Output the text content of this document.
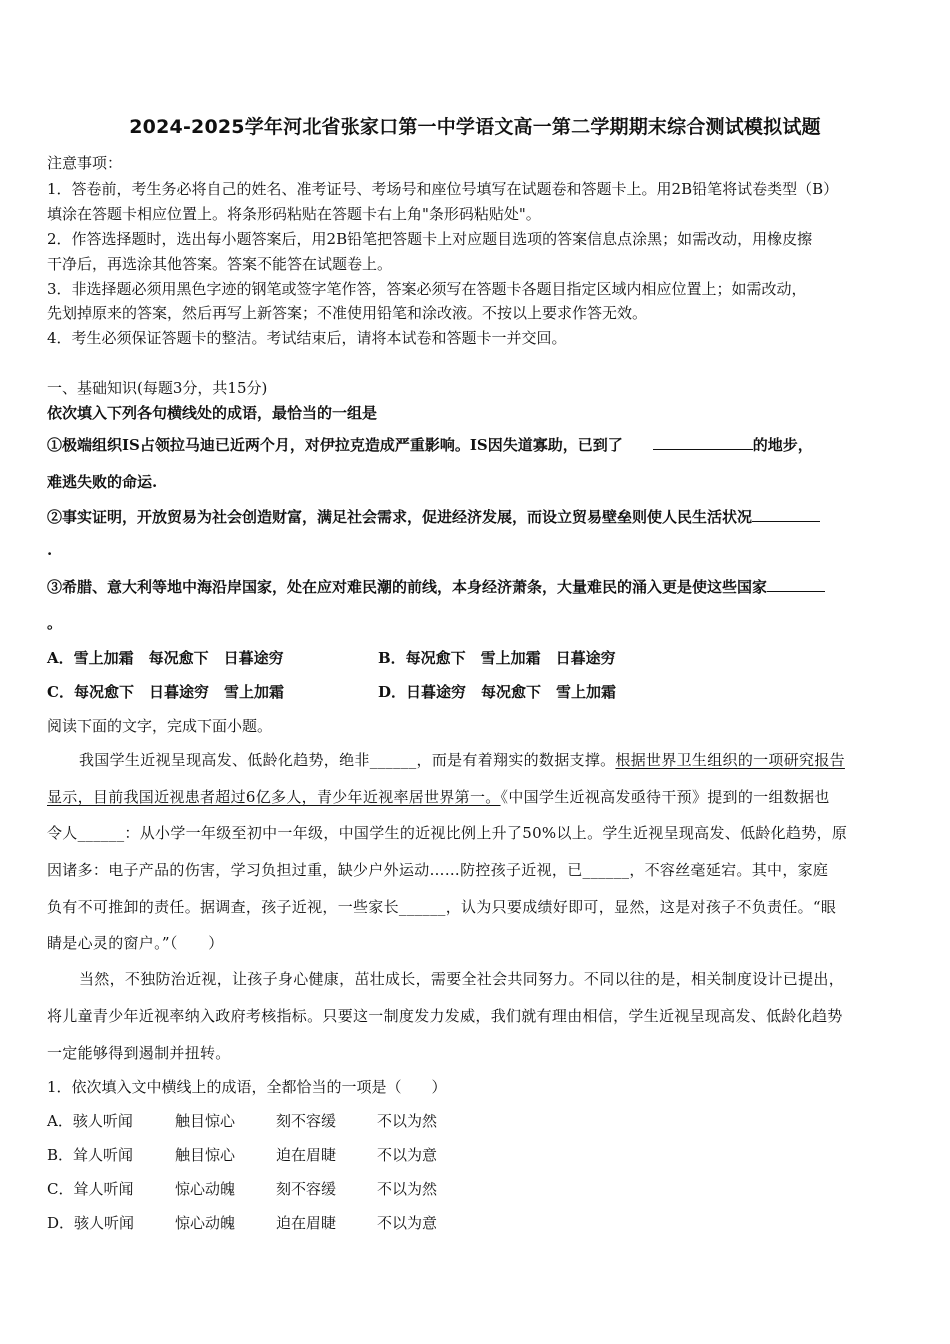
2024-2025学年河北省张家口第一中学语文高一第二学期期末综合测试模拟试题
注意事项：
1．答卷前，考生务必将自己的姓名、准考证号、考场号和座位号填写在试题卷和答题卡上。用2B铅笔将试卷类型（B）
填涂在答题卡相应位置上。将条形码粘贴在答题卡右上角"条形码粘贴处"。
2．作答选择题时，选出每小题答案后，用2B铅笔把答题卡上对应题目选项的答案信息点涂黑；如需改动，用橡皮擦
干净后，再选涂其他答案。答案不能答在试题卷上。
3．非选择题必须用黑色字迹的钢笔或签字笔作答，答案必须写在答题卡各题目指定区域内相应位置上；如需改动，
先划掉原来的答案，然后再写上新答案；不准使用铅笔和涂改液。不按以上要求作答无效。
4．考生必须保证答题卡的整洁。考试结束后，请将本试卷和答题卡一并交回。
一、基础知识(每题3分，共15分)
依次填入下列各句横线处的成语，最恰当的一组是
①极端组织IS占领拉马迪已近两个月，对伊拉克造成严重影响。IS因失道寡助，已到了	的地步，
难逃失败的命运.
②事实证明，开放贸易为社会创造财富，满足社会需求，促进经济发展，而设立贸易壁垒则使人民生活状况
.
③希腊、意大利等地中海沿岸国家，处在应对难民潮的前线，本身经济萧条，大量难民的涌入更是使这些国家
。
A．雪上加霜　每况愈下　日暮途穷	B．每况愈下　雪上加霜　日暮途穷
C．每况愈下　日暮途穷　雪上加霜	D．日暮途穷　每况愈下　雪上加霜
阅读下面的文字，完成下面小题。
我国学生近视呈现高发、低龄化趋势，绝非______，而是有着翔实的数据支撑。根据世界卫生组织的一项研究报告
显示，目前我国近视患者超过6亿多人，青少年近视率居世界第一。《中国学生近视高发亟待干预》提到的一组数据也
令人______：从小学一年级至初中一年级，中国学生的近视比例上升了50%以上。学生近视呈现高发、低龄化趋势，原
因诸多：电子产品的伤害，学习负担过重，缺少户外运动……防控孩子近视，已______，不容丝毫延宕。其中，家庭
负有不可推卸的责任。据调查，孩子近视，一些家长______，认为只要成绩好即可，显然，这是对孩子不负责任。“眼
睛是心灵的窗户。”（　　）
当然，不独防治近视，让孩子身心健康，茁壮成长，需要全社会共同努力。不同以往的是，相关制度设计已提出，
将儿童青少年近视率纳入政府考核指标。只要这一制度发力发威，我们就有理由相信，学生近视呈现高发、低龄化趋势
一定能够得到遏制并扭转。
1．依次填入文中横线上的成语，全都恰当的一项是（　　）
A．骇人听闻	触目惊心	刻不容缓	不以为然
B．耸人听闻	触目惊心	迫在眉睫	不以为意
C．耸人听闻	惊心动魄	刻不容缓	不以为然
D．骇人听闻	惊心动魄	迫在眉睫	不以为意
